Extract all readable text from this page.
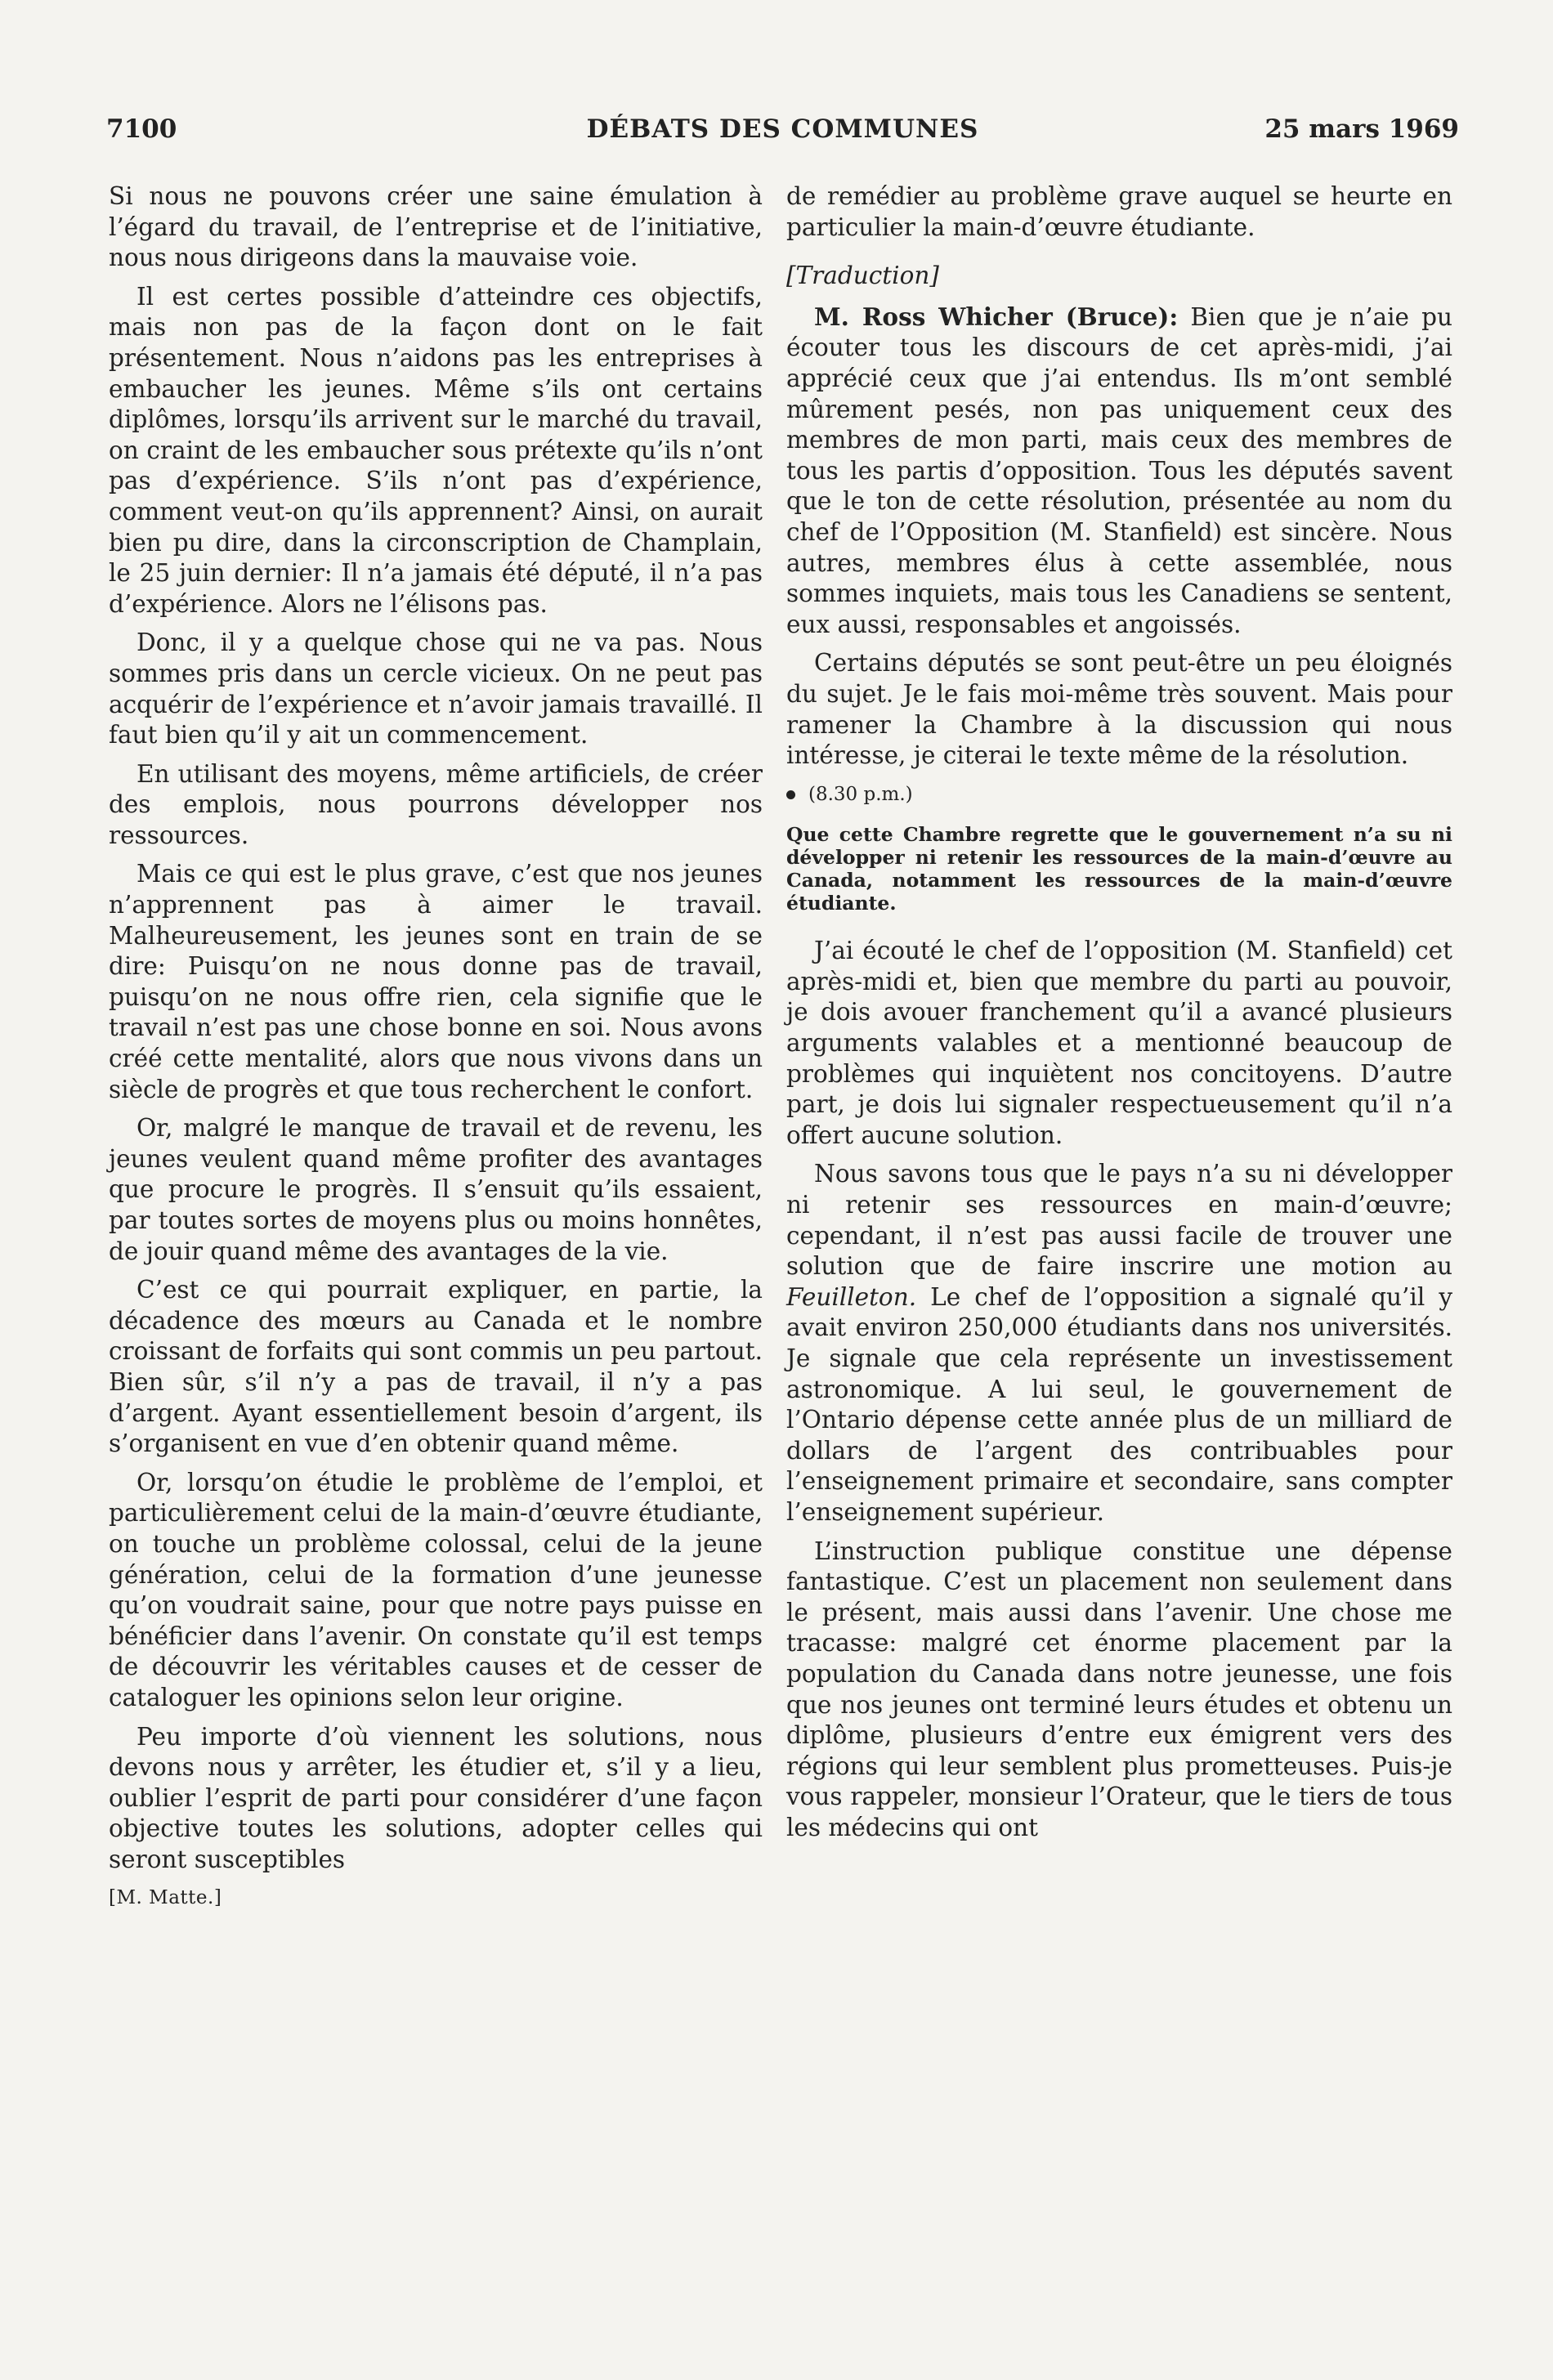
7100	DÉBATS DES COMMUNES	25 mars 1969

Si nous ne pouvons créer une saine émulation à l’égard du travail, de l’entreprise et de l’initiative, nous nous dirigeons dans la mauvaise voie.

Il est certes possible d’atteindre ces objectifs, mais non pas de la façon dont on le fait présentement. Nous n’aidons pas les entreprises à embaucher les jeunes. Même s’ils ont certains diplômes, lorsqu’ils arrivent sur le marché du travail, on craint de les embaucher sous prétexte qu’ils n’ont pas d’expérience. S’ils n’ont pas d’expérience, comment veut-on qu’ils apprennent? Ainsi, on aurait bien pu dire, dans la circonscription de Champlain, le 25 juin dernier: Il n’a jamais été député, il n’a pas d’expérience. Alors ne l’élisons pas.

Donc, il y a quelque chose qui ne va pas. Nous sommes pris dans un cercle vicieux. On ne peut pas acquérir de l’expérience et n’avoir jamais travaillé. Il faut bien qu’il y ait un commencement.

En utilisant des moyens, même artificiels, de créer des emplois, nous pourrons développer nos ressources.

Mais ce qui est le plus grave, c’est que nos jeunes n’apprennent pas à aimer le travail. Malheureusement, les jeunes sont en train de se dire: Puisqu’on ne nous donne pas de travail, puisqu’on ne nous offre rien, cela signifie que le travail n’est pas une chose bonne en soi. Nous avons créé cette mentalité, alors que nous vivons dans un siècle de progrès et que tous recherchent le confort.

Or, malgré le manque de travail et de revenu, les jeunes veulent quand même profiter des avantages que procure le progrès. Il s’ensuit qu’ils essaient, par toutes sortes de moyens plus ou moins honnêtes, de jouir quand même des avantages de la vie.

C’est ce qui pourrait expliquer, en partie, la décadence des mœurs au Canada et le nombre croissant de forfaits qui sont commis un peu partout. Bien sûr, s’il n’y a pas de travail, il n’y a pas d’argent. Ayant essentiellement besoin d’argent, ils s’organisent en vue d’en obtenir quand même.

Or, lorsqu’on étudie le problème de l’emploi, et particulièrement celui de la main-d’œuvre étudiante, on touche un problème colossal, celui de la jeune génération, celui de la formation d’une jeunesse qu’on voudrait saine, pour que notre pays puisse en bénéficier dans l’avenir. On constate qu’il est temps de découvrir les véritables causes et de cesser de cataloguer les opinions selon leur origine.

Peu importe d’où viennent les solutions, nous devons nous y arrêter, les étudier et, s’il y a lieu, oublier l’esprit de parti pour considérer d’une façon objective toutes les solutions, adopter celles qui seront susceptibles

[M. Matte.]

de remédier au problème grave auquel se heurte en particulier la main-d’œuvre étudiante.

[Traduction]

M. Ross Whicher (Bruce): Bien que je n’aie pu écouter tous les discours de cet après-midi, j’ai apprécié ceux que j’ai entendus. Ils m’ont semblé mûrement pesés, non pas uniquement ceux des membres de mon parti, mais ceux des membres de tous les partis d’opposition. Tous les députés savent que le ton de cette résolution, présentée au nom du chef de l’Opposition (M. Stanfield) est sincère. Nous autres, membres élus à cette assemblée, nous sommes inquiets, mais tous les Canadiens se sentent, eux aussi, responsables et angoissés.

Certains députés se sont peut-être un peu éloignés du sujet. Je le fais moi-même très souvent. Mais pour ramener la Chambre à la discussion qui nous intéresse, je citerai le texte même de la résolution.

(8.30 p.m.)
Que cette Chambre regrette que le gouvernement n’a su ni développer ni retenir les ressources de la main-d’œuvre au Canada, notamment les ressources de la main-d’œuvre étudiante.

J’ai écouté le chef de l’opposition (M. Stanfield) cet après-midi et, bien que membre du parti au pouvoir, je dois avouer franchement qu’il a avancé plusieurs arguments valables et a mentionné beaucoup de problèmes qui inquiètent nos concitoyens. D’autre part, je dois lui signaler respectueusement qu’il n’a offert aucune solution.

Nous savons tous que le pays n’a su ni développer ni retenir ses ressources en main-d’œuvre; cependant, il n’est pas aussi facile de trouver une solution que de faire inscrire une motion au Feuilleton. Le chef de l’opposition a signalé qu’il y avait environ 250,000 étudiants dans nos universités. Je signale que cela représente un investissement astronomique. A lui seul, le gouvernement de l’Ontario dépense cette année plus de un milliard de dollars de l’argent des contribuables pour l’enseignement primaire et secondaire, sans compter l’enseignement supérieur.

L’instruction publique constitue une dépense fantastique. C’est un placement non seulement dans le présent, mais aussi dans l’avenir. Une chose me tracasse: malgré cet énorme placement par la population du Canada dans notre jeunesse, une fois que nos jeunes ont terminé leurs études et obtenu un diplôme, plusieurs d’entre eux émigrent vers des régions qui leur semblent plus prometteuses. Puis-je vous rappeler, monsieur l’Orateur, que le tiers de tous les médecins qui ont
